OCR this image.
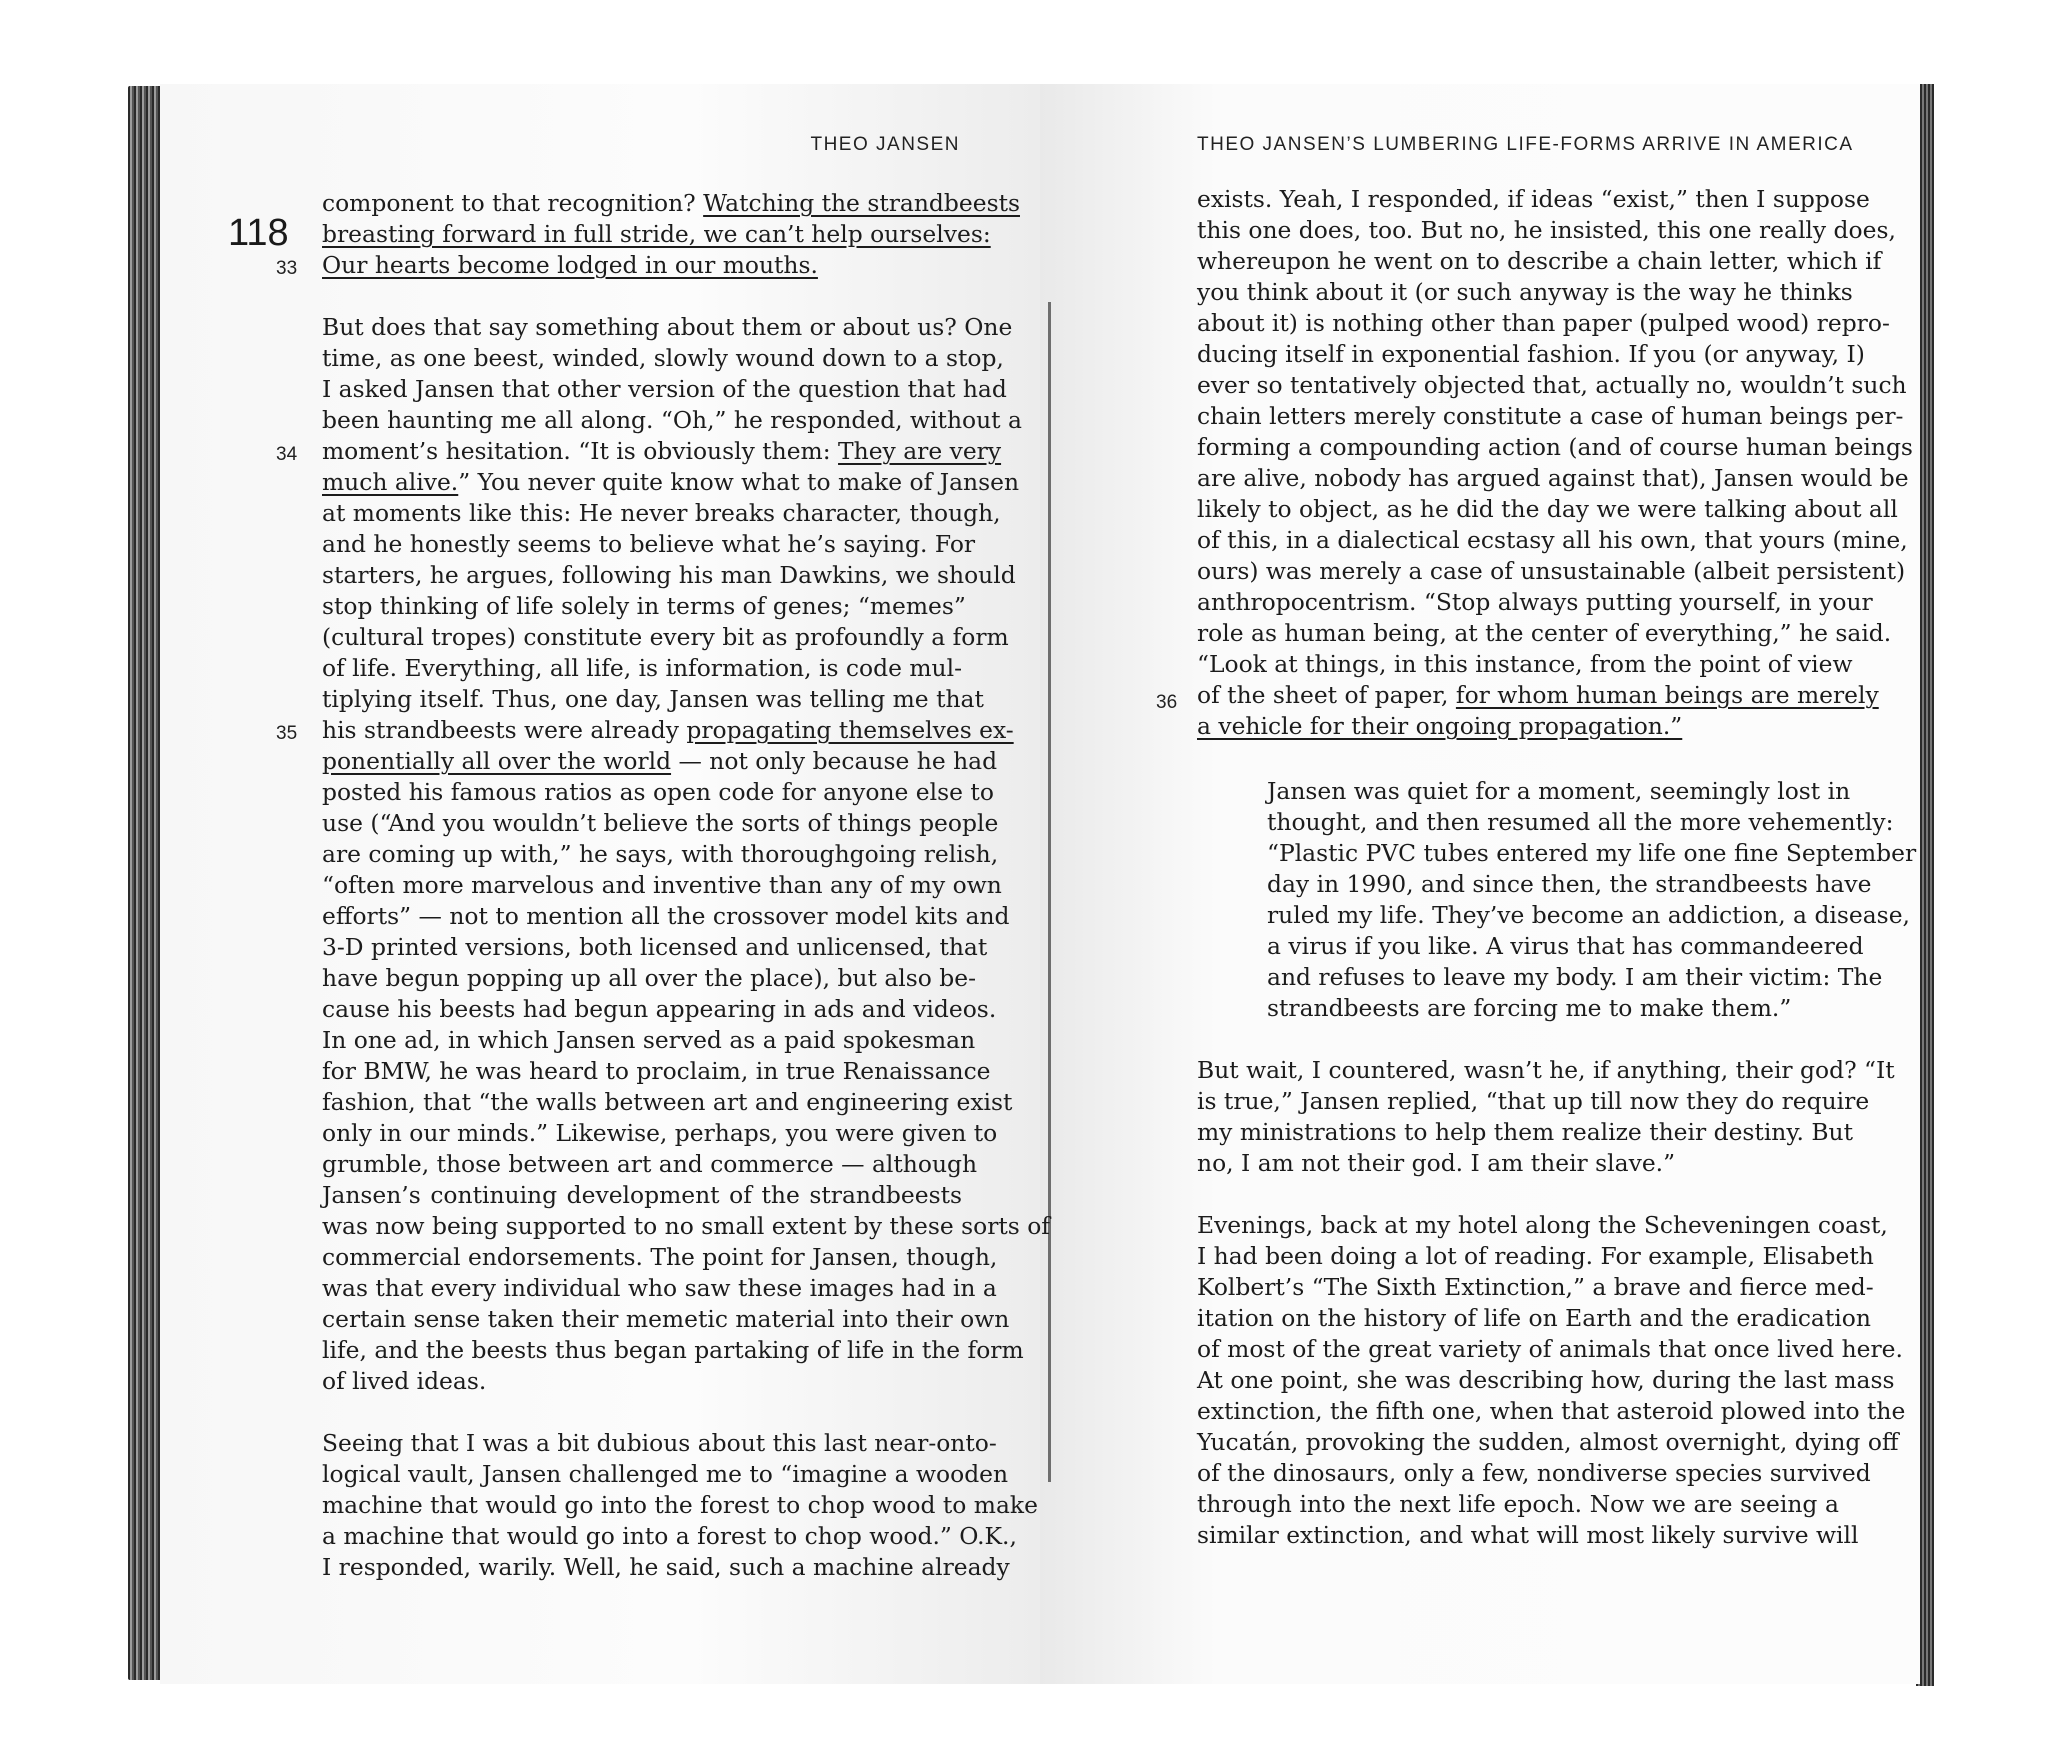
THEO JANSEN	THEO JANSEN’S LUMBERING LIFE-FORMS ARRIVE IN AMERICA
118
33
34
35
36
component to that recognition? Watching the strandbeests
breasting forward in full stride, we can’t help ourselves:
Our hearts become lodged in our mouths.
But does that say something about them or about us? One
time, as one beest, winded, slowly wound down to a stop,
I asked Jansen that other version of the question that had
been haunting me all along. “Oh,” he responded, without a
moment’s hesitation. “It is obviously them: They are very
much alive.” You never quite know what to make of Jansen
at moments like this: He never breaks character, though,
and he honestly seems to believe what he’s saying. For
starters, he argues, following his man Dawkins, we should
stop thinking of life solely in terms of genes; “memes”
(cultural tropes) constitute every bit as profoundly a form
of life. Everything, all life, is information, is code mul-
tiplying itself. Thus, one day, Jansen was telling me that
his strandbeests were already propagating themselves ex-
ponentially all over the world — not only because he had
posted his famous ratios as open code for anyone else to
use (“And you wouldn’t believe the sorts of things people
are coming up with,” he says, with thoroughgoing relish,
“often more marvelous and inventive than any of my own
efforts” — not to mention all the crossover model kits and
3-D printed versions, both licensed and unlicensed, that
have begun popping up all over the place), but also be-
cause his beests had begun appearing in ads and videos.
In one ad, in which Jansen served as a paid spokesman
for BMW, he was heard to proclaim, in true Renaissance
fashion, that “the walls between art and engineering exist
only in our minds.” Likewise, perhaps, you were given to
grumble, those between art and commerce — although
Jansen’s continuing development of the strandbeests
was now being supported to no small extent by these sorts of
commercial endorsements. The point for Jansen, though,
was that every individual who saw these images had in a
certain sense taken their memetic material into their own
life, and the beests thus began partaking of life in the form
of lived ideas.
Seeing that I was a bit dubious about this last near-onto-
logical vault, Jansen challenged me to “imagine a wooden
machine that would go into the forest to chop wood to make
a machine that would go into a forest to chop wood.” O.K.,
I responded, warily. Well, he said, such a machine already
exists. Yeah, I responded, if ideas “exist,” then I suppose
this one does, too. But no, he insisted, this one really does,
whereupon he went on to describe a chain letter, which if
you think about it (or such anyway is the way he thinks
about it) is nothing other than paper (pulped wood) repro-
ducing itself in exponential fashion. If you (or anyway, I)
ever so tentatively objected that, actually no, wouldn’t such
chain letters merely constitute a case of human beings per-
forming a compounding action (and of course human beings
are alive, nobody has argued against that), Jansen would be
likely to object, as he did the day we were talking about all
of this, in a dialectical ecstasy all his own, that yours (mine,
ours) was merely a case of unsustainable (albeit persistent)
anthropocentrism. “Stop always putting yourself, in your
role as human being, at the center of everything,” he said.
“Look at things, in this instance, from the point of view
of the sheet of paper, for whom human beings are merely
a vehicle for their ongoing propagation.”
Jansen was quiet for a moment, seemingly lost in
thought, and then resumed all the more vehemently:
“Plastic PVC tubes entered my life one fine September
day in 1990, and since then, the strandbeests have
ruled my life. They’ve become an addiction, a disease,
a virus if you like. A virus that has commandeered
and refuses to leave my body. I am their victim: The
strandbeests are forcing me to make them.”
But wait, I countered, wasn’t he, if anything, their god? “It
is true,” Jansen replied, “that up till now they do require
my ministrations to help them realize their destiny. But
no, I am not their god. I am their slave.”
Evenings, back at my hotel along the Scheveningen coast,
I had been doing a lot of reading. For example, Elisabeth
Kolbert’s “The Sixth Extinction,” a brave and fierce med-
itation on the history of life on Earth and the eradication
of most of the great variety of animals that once lived here.
At one point, she was describing how, during the last mass
extinction, the fifth one, when that asteroid plowed into the
Yucatán, provoking the sudden, almost overnight, dying off
of the dinosaurs, only a few, nondiverse species survived
through into the next life epoch. Now we are seeing a
similar extinction, and what will most likely survive will
